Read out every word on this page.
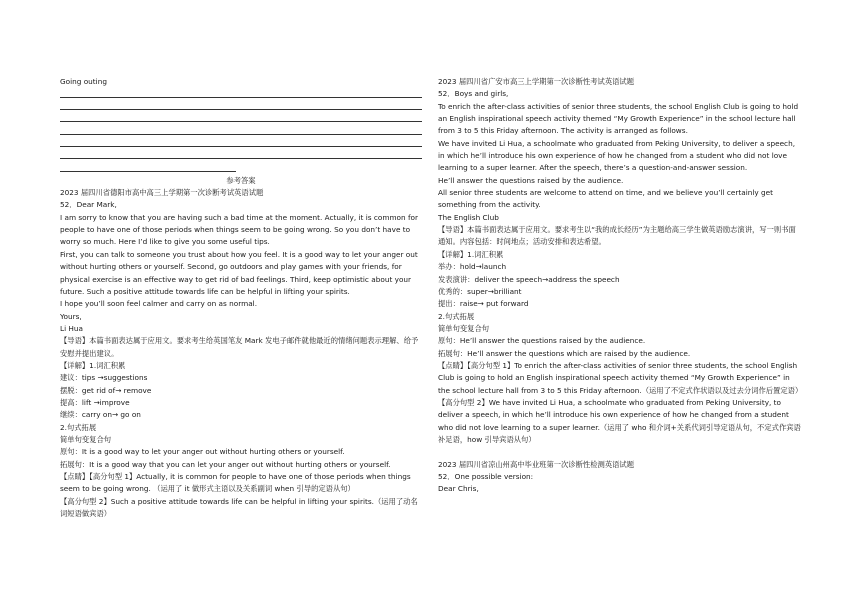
Going outing
参考答案
2023 届四川省德阳市高中高三上学期第一次诊断考试英语试题
52．Dear Mark,
I am sorry to know that you are having such a bad time at the moment. Actually, it is common for people to have one of those periods when things seem to be going wrong. So you don’t have to worry so much. Here I’d like to give you some useful tips.
First, you can talk to someone you trust about how you feel. It is a good way to let your anger out without hurting others or yourself. Second, go outdoors and play games with your friends, for physical exercise is an effective way to get rid of bad feelings. Third, keep optimistic about your future. Such a positive attitude towards life can be helpful in lifting your spirits.
I hope you’ll soon feel calmer and carry on as normal.
Yours,
Li Hua
【导语】本篇书面表达属于应用文。要求考生给英国笔友 Mark 发电子邮件就他最近的情绪问题表示理解、给予安慰并提出建议。
【详解】1.词汇积累
建议：tips →suggestions
摆脱：get rid of→ remove
提高：lift →improve
继续：carry on→ go on
2.句式拓展
简单句变复合句
原句：It is a good way to let your anger out without hurting others or yourself.
拓展句：It is a good way that you can let your anger out without hurting others or yourself.
【点睛】【高分句型 1】Actually, it is common for people to have one of those periods when things seem to be going wrong. （运用了 it 做形式主语以及关系副词 when 引导的定语从句）
【高分句型 2】Such a positive attitude towards life can be helpful in lifting your spirits.（运用了动名词短语做宾语）
2023 届四川省广安市高三上学期第一次诊断性考试英语试题
52．Boys and girls,
To enrich the after-class activities of senior three students, the school English Club is going to hold an English inspirational speech activity themed “My Growth Experience” in the school lecture hall from 3 to 5 this Friday afternoon. The activity is arranged as follows.
We have invited Li Hua, a schoolmate who graduated from Peking University, to deliver a speech, in which he’ll introduce his own experience of how he changed from a student who did not love learning to a super learner. After the speech, there’s a question-and-answer session.
He’ll answer the questions raised by the audience.
All senior three students are welcome to attend on time, and we believe you’ll certainly get something from the activity.
The English Club
【导语】本篇书面表达属于应用文。要求考生以“我的成长经历”为主题给高三学生做英语励志演讲，写一则书面通知。内容包括：时间地点；活动安排和表达希望。
【详解】1.词汇积累
举办：hold→launch
发表演讲：deliver the speech→address the speech
优秀的：super→brilliant
提出：raise→ put forward
2.句式拓展
简单句变复合句
原句：He’ll answer the questions raised by the audience.
拓展句：He’ll answer the questions which are raised by the audience.
【点睛】【高分句型 1】To enrich the after-class activities of senior three students, the school English Club is going to hold an English inspirational speech activity themed “My Growth Experience” in the school lecture hall from 3 to 5 this Friday afternoon.（运用了不定式作状语以及过去分词作后置定语）
【高分句型 2】We have invited Li Hua, a schoolmate who graduated from Peking University, to deliver a speech, in which he’ll introduce his own experience of how he changed from a student who did not love learning to a super learner.（运用了 who 和介词+关系代词引导定语从句，不定式作宾语补足语，how 引导宾语从句）
2023 届四川省凉山州高中毕业班第一次诊断性检测英语试题
52．One possible version:
Dear Chris,
